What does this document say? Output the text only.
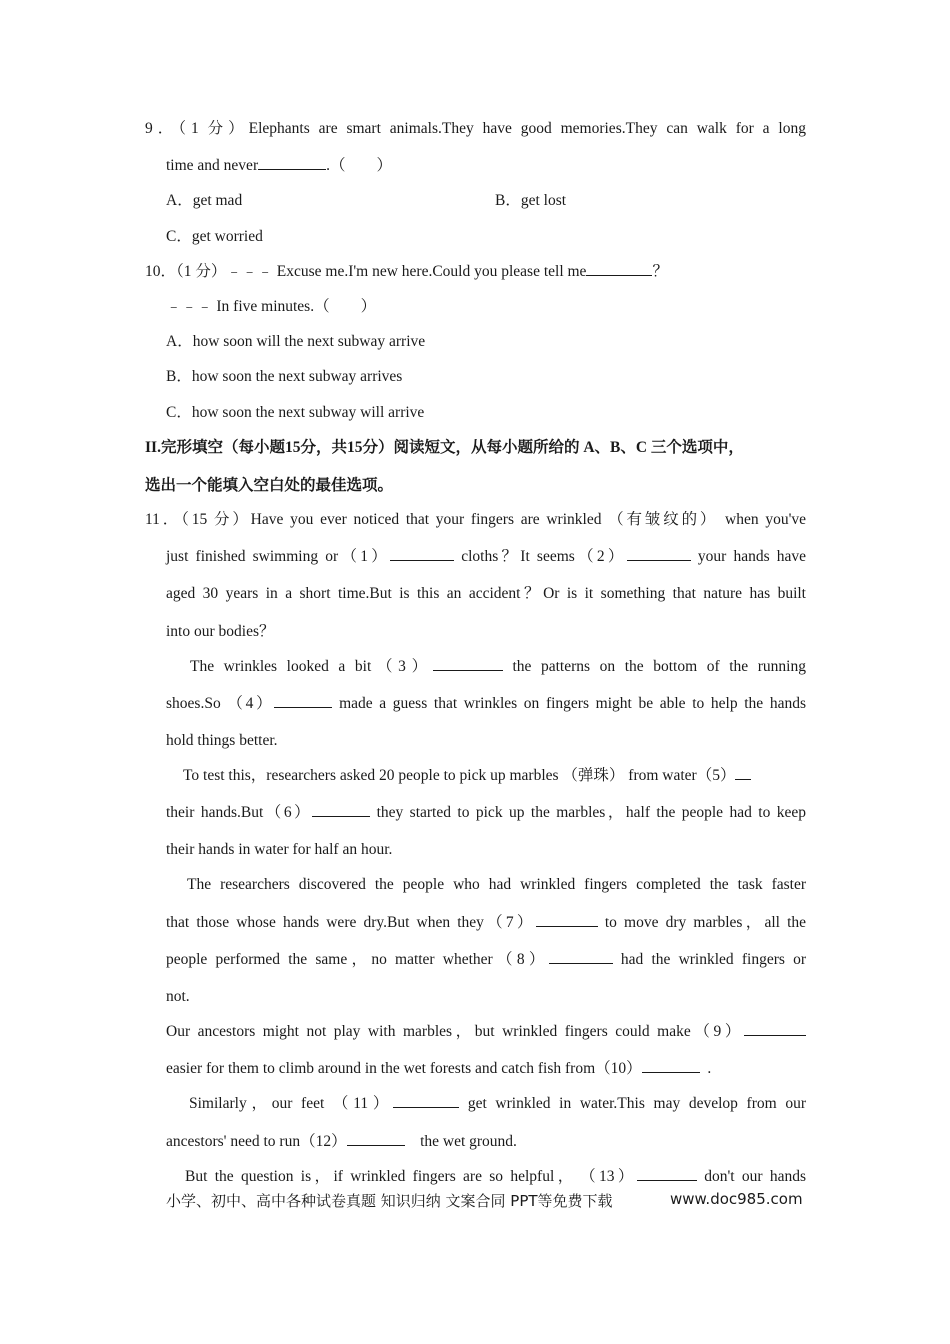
9．（1 分）Elephants are smart animals.They have good memories.They can walk for a long
time and never	.（　　）
A．get mad	B．get lost
C．get worried
10．（1 分）﹣﹣﹣ Excuse me.I'm new here.Could you please tell me	？
﹣﹣﹣ In five minutes.（　　）
A．how soon will the next subway arrive
B．how soon the next subway arrives
C．how soon the next subway will arrive
II.完形填空（每小题15分，共15分）阅读短文，从每小题所给的 A、B、C 三个选项中，
选出一个能填入空白处的最佳选项。
11．（15 分）Have you ever noticed that your fingers are wrinkled （有皱纹的） when you've
just finished swimming or（1）	cloths？It seems（2）	your hands have
aged 30 years in a short time.But is this an accident？Or is it something that nature has built
into our bodies？
The wrinkles looked a bit（3）	the patterns on the bottom of the running
shoes.So （4）	made a guess that wrinkles on fingers might be able to help the hands
hold things better.
To test this，researchers asked 20 people to pick up marbles （弹珠） from water（5）
their hands.But（6）	they started to pick up the marbles，half the people had to keep
their hands in water for half an hour.
The researchers discovered the people who had wrinkled fingers completed the task faster
that those whose hands were dry.But when they（7）	to move dry marbles，all the
people performed the same，no matter whether（8）	had the wrinkled fingers or
not.
Our ancestors might not play with marbles，but wrinkled fingers could make（9）
easier for them to climb around in the wet forests and catch fish from（10）	.
Similarly，our feet （11）	get wrinkled in water.This may develop from our
ancestors' need to run（12）	the wet ground.
But the question is，if wrinkled fingers are so helpful，　（13）	don't our hands
小学、初中、高中各种试卷真题 知识归纳 文案合同 PPT等免费下载	www.doc985.com
